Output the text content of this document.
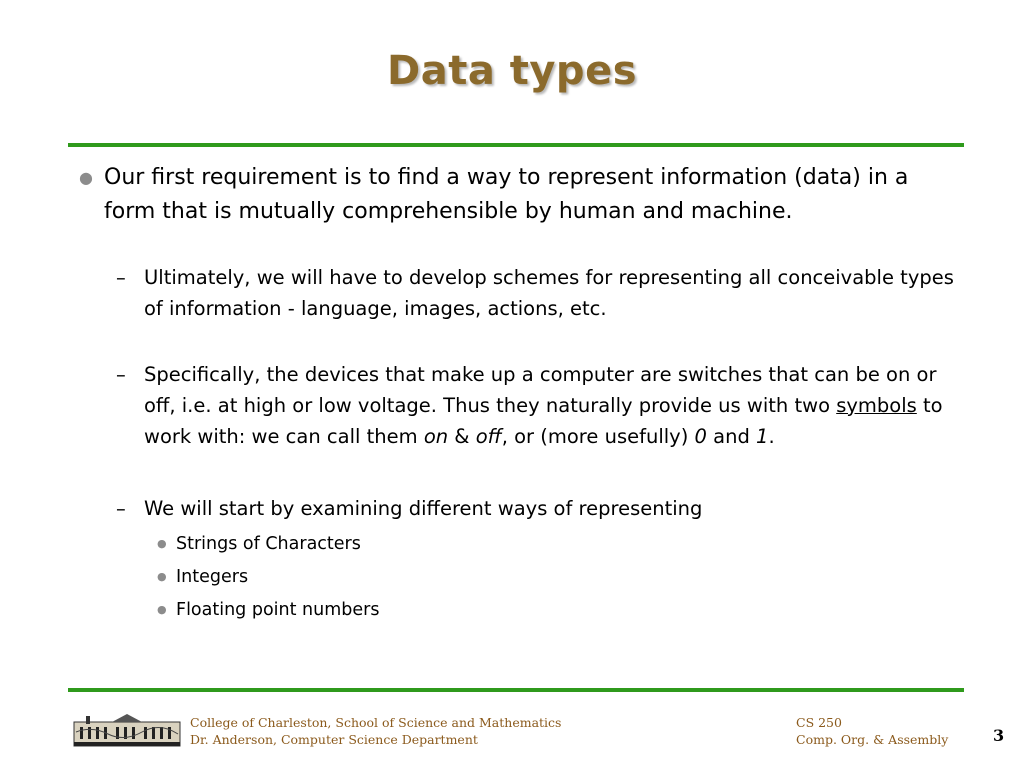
Data types
● Our first requirement is to find a way to represent information (data) in a form that is mutually comprehensible by human and machine.
– Ultimately, we will have to develop schemes for representing all conceivable types of information - language, images, actions, etc.
– Specifically, the devices that make up a computer are switches that can be on or off, i.e. at high or low voltage. Thus they naturally provide us with two symbols to work with: we can call them on & off, or (more usefully) 0 and 1.
– We will start by examining different ways of representing
● Strings of Characters
● Integers
● Floating point numbers
College of Charleston, School of Science and Mathematics
Dr. Anderson, Computer Science Department
CS 250
Comp. Org. & Assembly	3
